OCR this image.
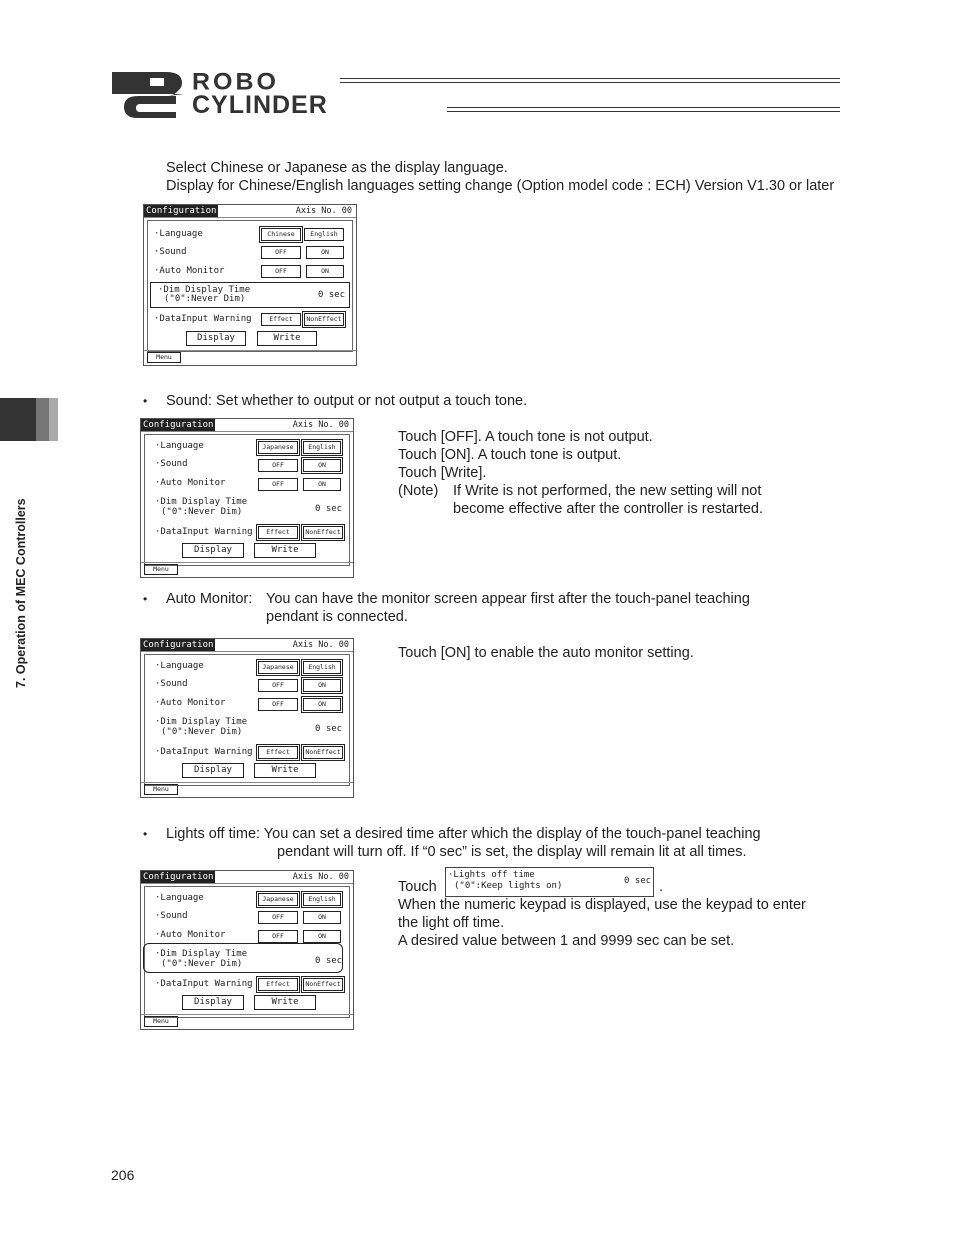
ROBO
CYLINDER
7. Operation of MEC Controllers
Select Chinese or Japanese as the display language.
Display for Chinese/English languages setting change (Option model code : ECH) Version V1.30 or later
Configuration	Axis No. 00
·Language	Chinese	English
·Sound	OFF	ON
·Auto Monitor	OFF	ON
·Dim Display Time
("0":Never Dim)	0 sec
·DataInput Warning	Effect	NonEffect
Display	Write
Menu
• Sound: Set whether to output or not output a touch tone.
Configuration	Axis No. 00
·Language	Japanese	English
·Sound	OFF	ON
·Auto Monitor	OFF	ON
·Dim Display Time
("0":Never Dim)	0 sec
·DataInput Warning	Effect	NonEffect
Display	Write
Menu
Touch [OFF]. A touch tone is not output.
Touch [ON]. A touch tone is output.
Touch [Write].
(Note) If Write is not performed, the new setting will not
become effective after the controller is restarted.
• Auto Monitor: You can have the monitor screen appear first after the touch-panel teaching
pendant is connected.
Configuration	Axis No. 00
·Language	Japanese	English
·Sound	OFF	ON
·Auto Monitor	OFF	ON
·Dim Display Time
("0":Never Dim)	0 sec
·DataInput Warning	Effect	NonEffect
Display	Write
Menu
Touch [ON] to enable the auto monitor setting.
• Lights off time: You can set a desired time after which the display of the touch-panel teaching
pendant will turn off. If “0 sec” is set, the display will remain lit at all times.
Configuration	Axis No. 00
·Language	Japanese	English
·Sound	OFF	ON
·Auto Monitor	OFF	ON
·Dim Display Time
("0":Never Dim)	0 sec
·DataInput Warning	Effect	NonEffect
Display	Write
Menu
Touch
·Lights off time
("0":Keep lights on)	0 sec .
When the numeric keypad is displayed, use the keypad to enter
the light off time.
A desired value between 1 and 9999 sec can be set.
206
